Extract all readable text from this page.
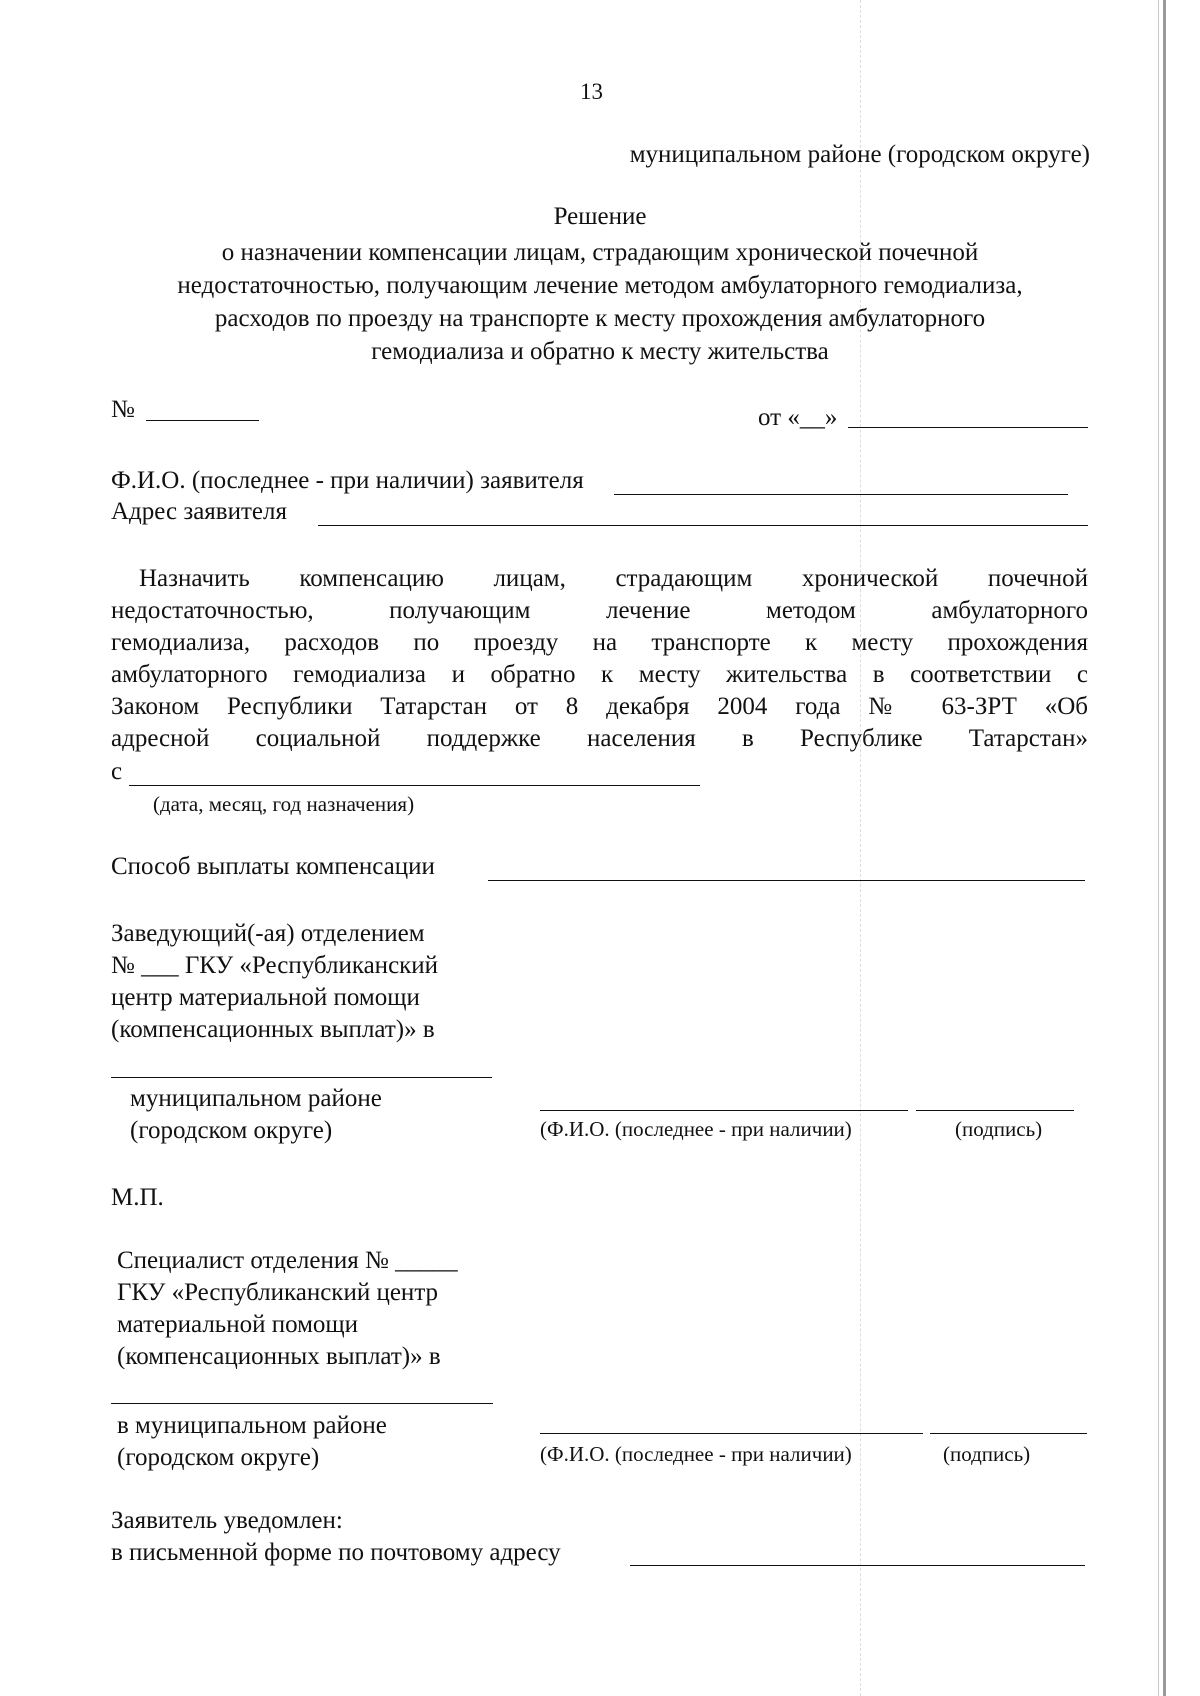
13
муниципальном районе (городском округе)
Решение
о назначении компенсации лицам, страдающим хронической почечной
недостаточностью, получающим лечение методом амбулаторного гемодиализа,
расходов по проезду на транспорте к месту прохождения амбулаторного
гемодиализа и обратно к месту жительства
№	от «__»
Ф.И.О. (последнее - при наличии) заявителя
Адрес заявителя
Назначить компенсацию лицам, страдающим хронической почечной
недостаточностью, получающим лечение методом амбулаторного
гемодиализа, расходов по проезду на транспорте к месту прохождения
амбулаторного гемодиализа и обратно к месту жительства в соответствии с
Законом Республики Татарстан от 8 декабря 2004 года № 63-ЗРТ «Об
адресной социальной поддержке населения в Республике Татарстан»
с
(дата, месяц, год назначения)
Способ выплаты компенсации
Заведующий(-ая) отделением
№ ___ ГКУ «Республиканский
центр материальной помощи
(компенсационных выплат)» в
муниципальном районе
(городском округе)	(Ф.И.О. (последнее - при наличии)	(подпись)
М.П.
Специалист отделения № _____
ГКУ «Республиканский центр
материальной помощи
(компенсационных выплат)» в
в муниципальном районе
(городском округе)	(Ф.И.О. (последнее - при наличии)	(подпись)
Заявитель уведомлен:
в письменной форме по почтовому адресу
